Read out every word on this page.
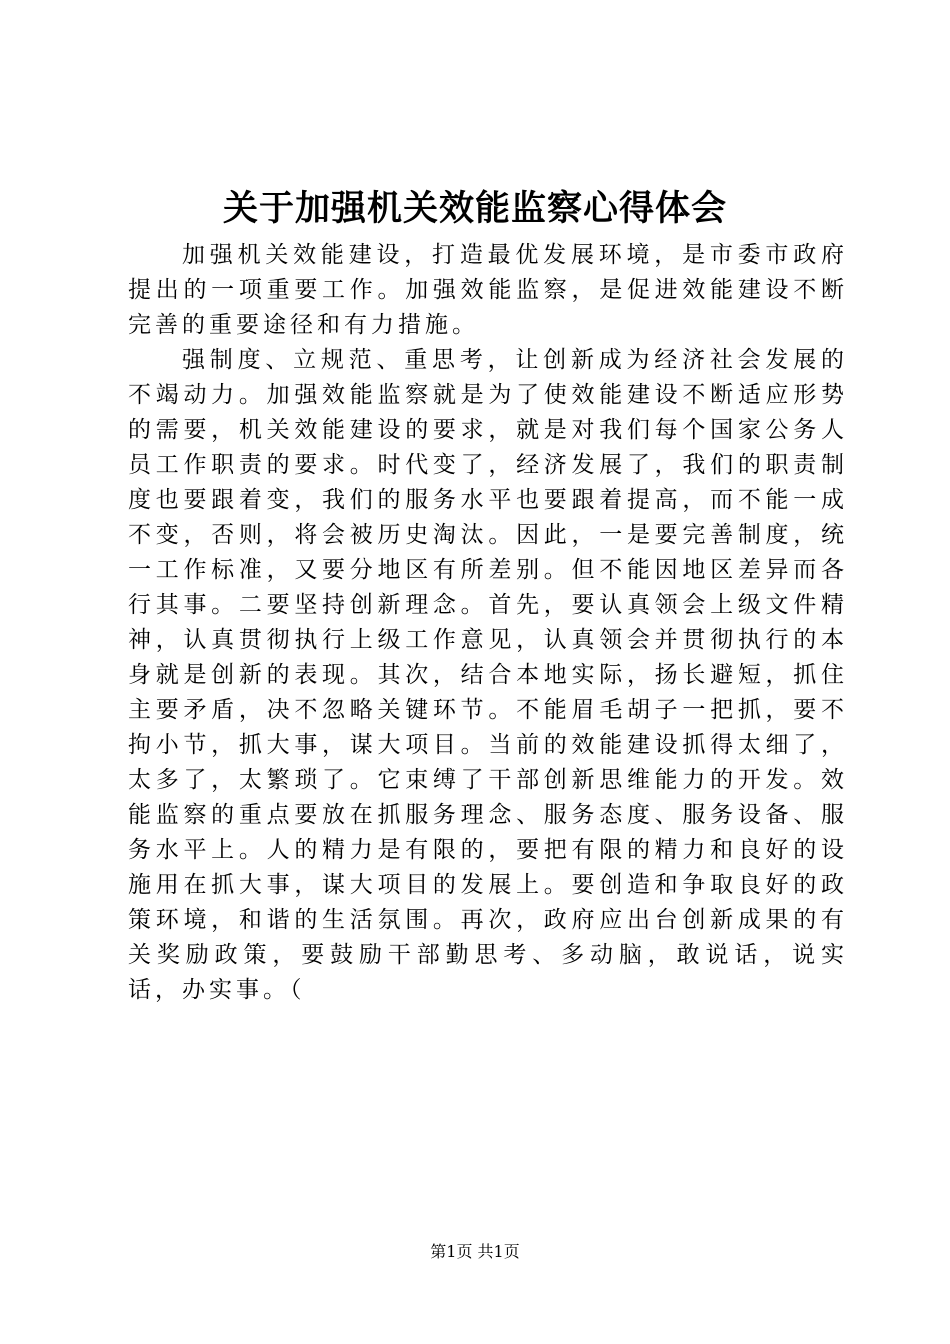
关于加强机关效能监察心得体会

加强机关效能建设，打造最优发展环境，是市委市政府提出的一项重要工作。加强效能监察，是促进效能建设不断完善的重要途径和有力措施。

强制度、立规范、重思考，让创新成为经济社会发展的不竭动力。加强效能监察就是为了使效能建设不断适应形势的需要，机关效能建设的要求，就是对我们每个国家公务人员工作职责的要求。时代变了，经济发展了，我们的职责制度也要跟着变，我们的服务水平也要跟着提高，而不能一成不变，否则，将会被历史淘汰。因此，一是要完善制度，统一工作标准，又要分地区有所差别。但不能因地区差异而各行其事。二要坚持创新理念。首先，要认真领会上级文件精神，认真贯彻执行上级工作意见，认真领会并贯彻执行的本身就是创新的表现。其次，结合本地实际，扬长避短，抓住主要矛盾，决不忽略关键环节。不能眉毛胡子一把抓，要不拘小节，抓大事，谋大项目。当前的效能建设抓得太细了，太多了，太繁琐了。它束缚了干部创新思维能力的开发。效能监察的重点要放在抓服务理念、服务态度、服务设备、服务水平上。人的精力是有限的，要把有限的精力和良好的设施用在抓大事，谋大项目的发展上。要创造和争取良好的政策环境，和谐的生活氛围。再次，政府应出台创新成果的有关奖励政策，要鼓励干部勤思考、多动脑，敢说话，说实话，办实事。（

第1页 共1页
